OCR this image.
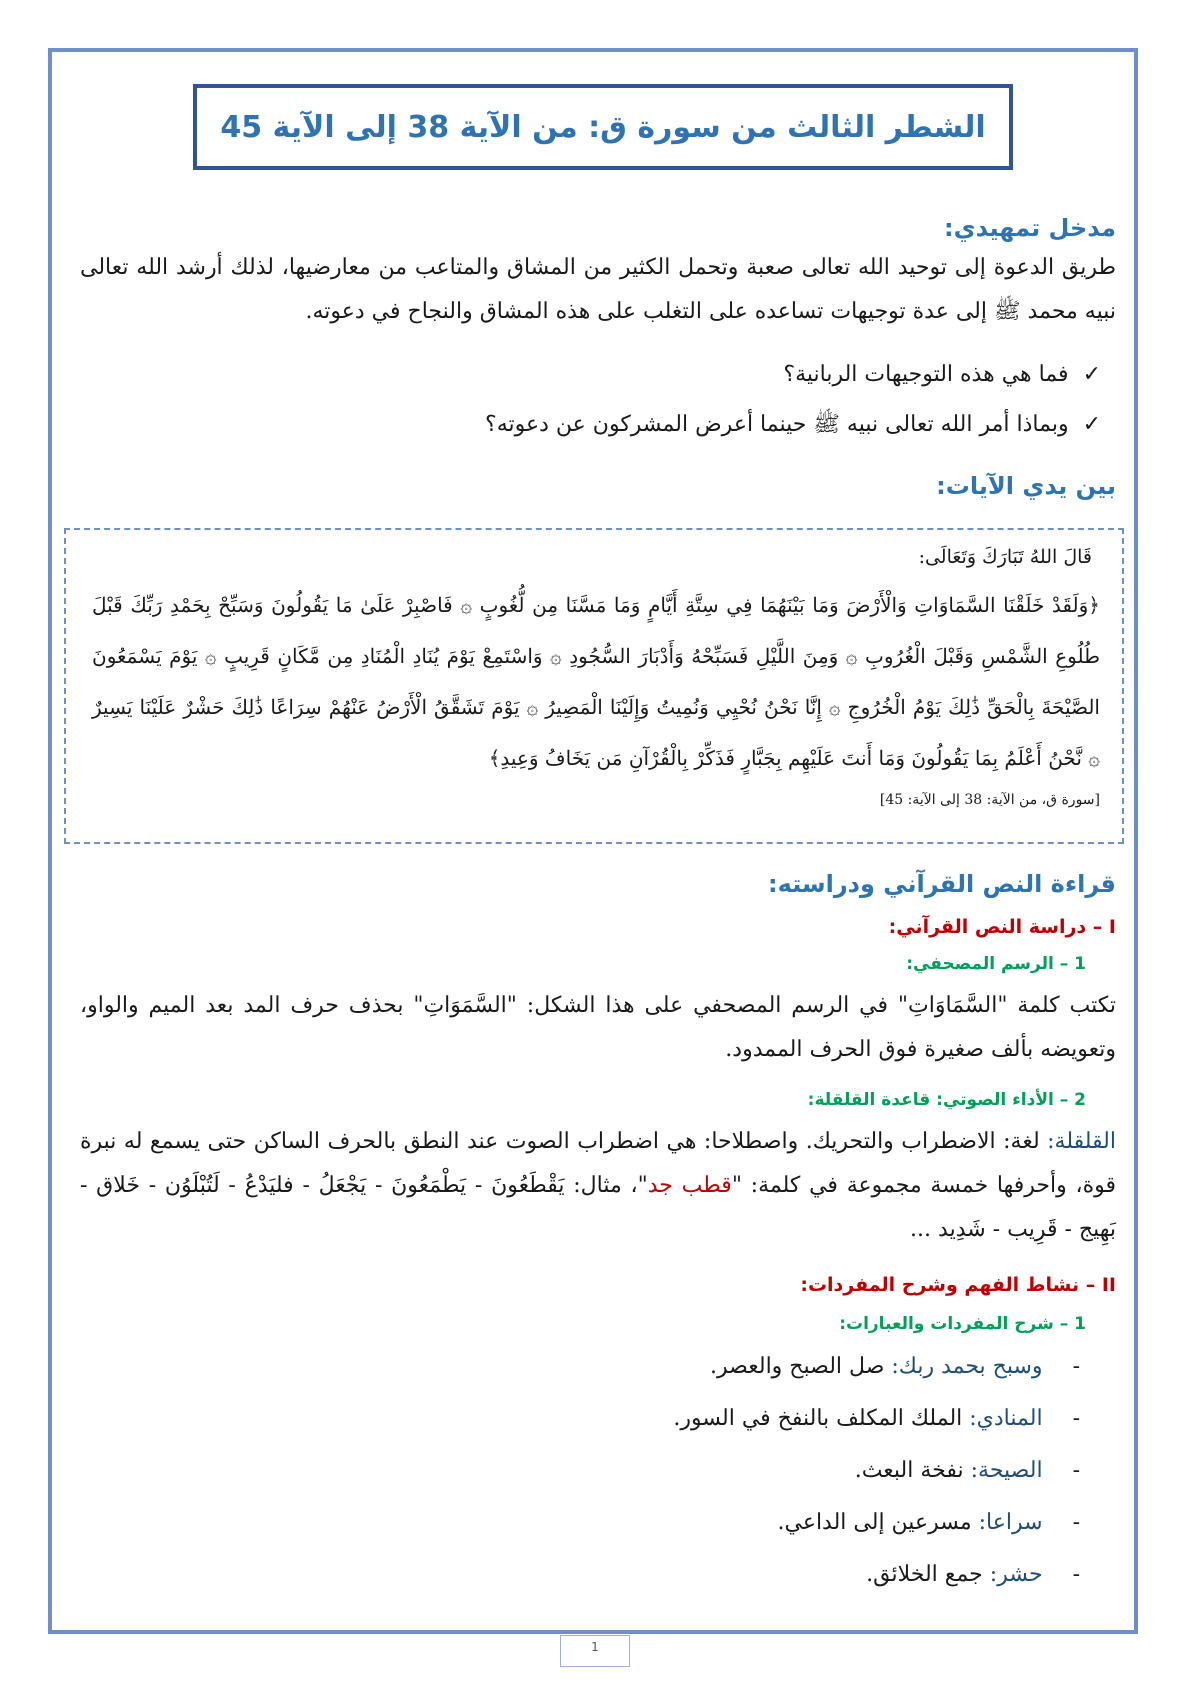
الشطر الثالث من سورة ق: من الآية 38 إلى الآية 45

مدخل تمهيدي:

طريق الدعوة إلى توحيد الله تعالى صعبة وتحمل الكثير من المشاق والمتاعب من معارضيها، لذلك أرشد الله تعالى نبيه محمد ﷺ إلى عدة توجيهات تساعده على التغلب على هذه المشاق والنجاح في دعوته.

✓فما هي هذه التوجيهات الربانية؟

✓وبماذا أمر الله تعالى نبيه ﷺ حينما أعرض المشركون عن دعوته؟

بين يدي الآيات:

قَالَ اللهُ تَبَارَكَ وَتَعَالَى:

﴿وَلَقَدْ خَلَقْنَا السَّمَاوَاتِ وَالْأَرْضَ وَمَا بَيْنَهُمَا فِي سِتَّةِ أَيَّامٍ وَمَا مَسَّنَا مِن لُّغُوبٍ ۞ فَاصْبِرْ عَلَىٰ مَا يَقُولُونَ وَسَبِّحْ بِحَمْدِ رَبِّكَ قَبْلَ طُلُوعِ الشَّمْسِ وَقَبْلَ الْغُرُوبِ ۞ وَمِنَ اللَّيْلِ فَسَبِّحْهُ وَأَدْبَارَ السُّجُودِ ۞ وَاسْتَمِعْ يَوْمَ يُنَادِ الْمُنَادِ مِن مَّكَانٍ قَرِيبٍ ۞ يَوْمَ يَسْمَعُونَ الصَّيْحَةَ بِالْحَقِّ ذَٰلِكَ يَوْمُ الْخُرُوجِ ۞ إِنَّا نَحْنُ نُحْيِي وَنُمِيتُ وَإِلَيْنَا الْمَصِيرُ ۞ يَوْمَ تَشَقَّقُ الْأَرْضُ عَنْهُمْ سِرَاعًا ذَٰلِكَ حَشْرٌ عَلَيْنَا يَسِيرٌ ۞ نَّحْنُ أَعْلَمُ بِمَا يَقُولُونَ وَمَا أَنتَ عَلَيْهِم بِجَبَّارٍ فَذَكِّرْ بِالْقُرْآنِ مَن يَخَافُ وَعِيدِ﴾

[سورة ق، من الآية: 38 إلى الآية: 45]

قراءة النص القرآني ودراسته:

I – دراسة النص القرآني:

1 – الرسم المصحفي:

تكتب كلمة "السَّمَاوَاتِ" في الرسم المصحفي على هذا الشكل: "السَّمَوَاتِ" بحذف حرف المد بعد الميم والواو، وتعويضه بألف صغيرة فوق الحرف الممدود.

2 – الأداء الصوتي: قاعدة القلقلة:

القلقلة: لغة: الاضطراب والتحريك. واصطلاحا: هي اضطراب الصوت عند النطق بالحرف الساكن حتى يسمع له نبرة قوة، وأحرفها خمسة مجموعة في كلمة: "قطب جد"، مثال: يَقْطَعُونَ - يَطْمَعُونَ - يَجْعَلُ - فليَدْعُ - لَتُبْلَوُن - خَلاق - بَهِيج - قَرِيب - شَدِيد ...

II – نشاط الفهم وشرح المفردات:

1 – شرح المفردات والعبارات:

-وسبح بحمد ربك: صل الصبح والعصر.

-المنادي: الملك المكلف بالنفخ في السور.

-الصيحة: نفخة البعث.

-سراعا: مسرعين إلى الداعي.

-حشر: جمع الخلائق.

1
